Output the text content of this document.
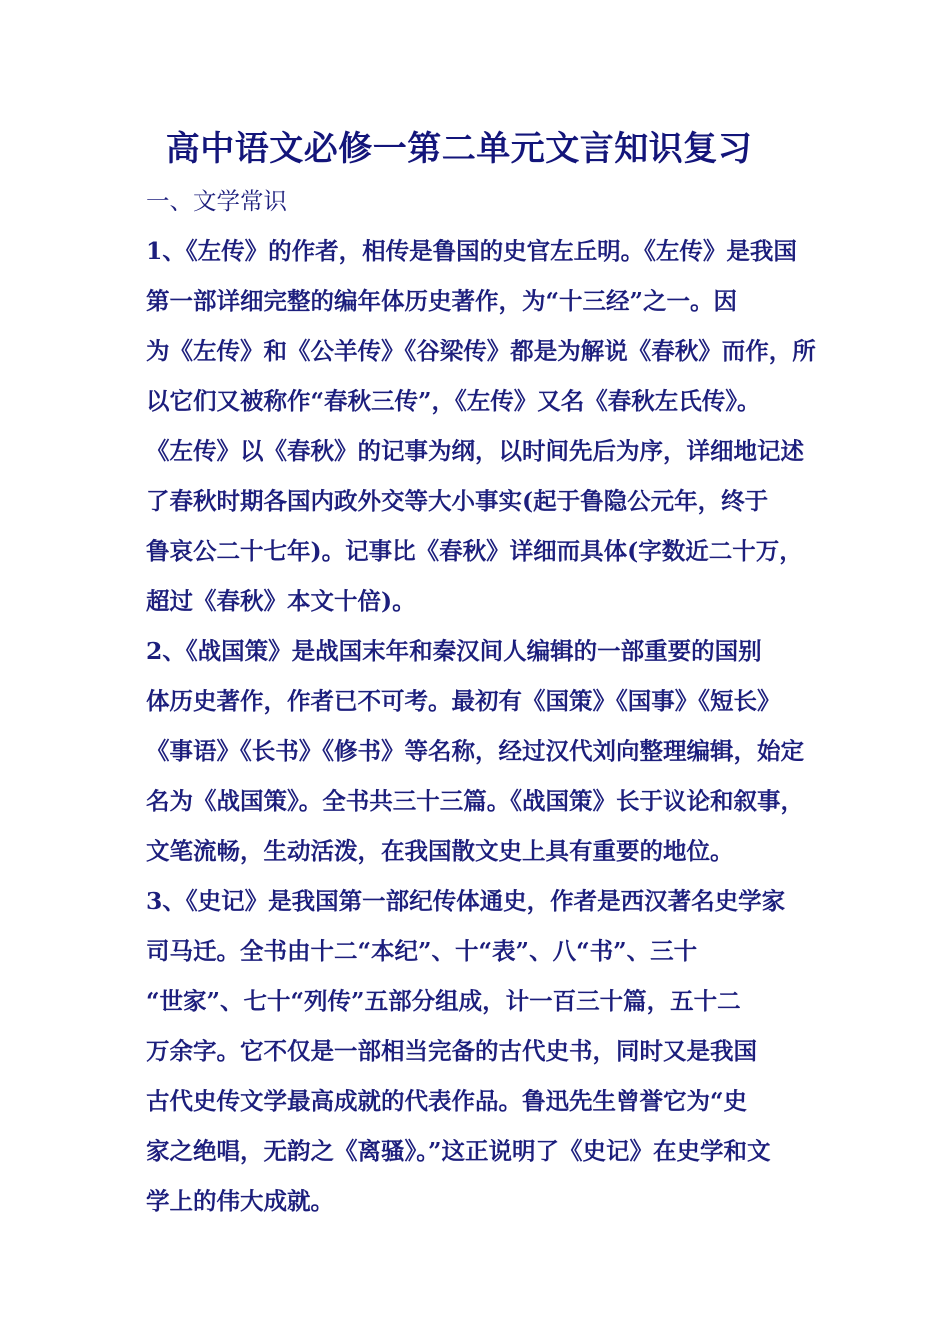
高中语文必修一第二单元文言知识复习
一、文学常识
1、《左传》的作者，相传是鲁国的史官左丘明。《左传》是我国
第一部详细完整的编年体历史著作，为“十三经”之一。因
为《左传》和《公羊传》《谷梁传》都是为解说《春秋》而作，所
以它们又被称作“春秋三传”，《左传》又名《春秋左氏传》。
《左传》以《春秋》的记事为纲，以时间先后为序，详细地记述
了春秋时期各国内政外交等大小事实(起于鲁隐公元年，终于
鲁哀公二十七年)。记事比《春秋》详细而具体(字数近二十万，
超过《春秋》本文十倍)。
2、《战国策》是战国末年和秦汉间人编辑的一部重要的国别
体历史著作，作者已不可考。最初有《国策》《国事》《短长》
《事语》《长书》《修书》等名称，经过汉代刘向整理编辑，始定
名为《战国策》。全书共三十三篇。《战国策》长于议论和叙事，
文笔流畅，生动活泼，在我国散文史上具有重要的地位。
3、《史记》是我国第一部纪传体通史，作者是西汉著名史学家
司马迁。全书由十二“本纪”、十“表”、八“书”、三十
“世家”、七十“列传”五部分组成，计一百三十篇，五十二
万余字。它不仅是一部相当完备的古代史书，同时又是我国
古代史传文学最高成就的代表作品。鲁迅先生曾誉它为“史
家之绝唱，无韵之《离骚》。”这正说明了《史记》在史学和文
学上的伟大成就。
